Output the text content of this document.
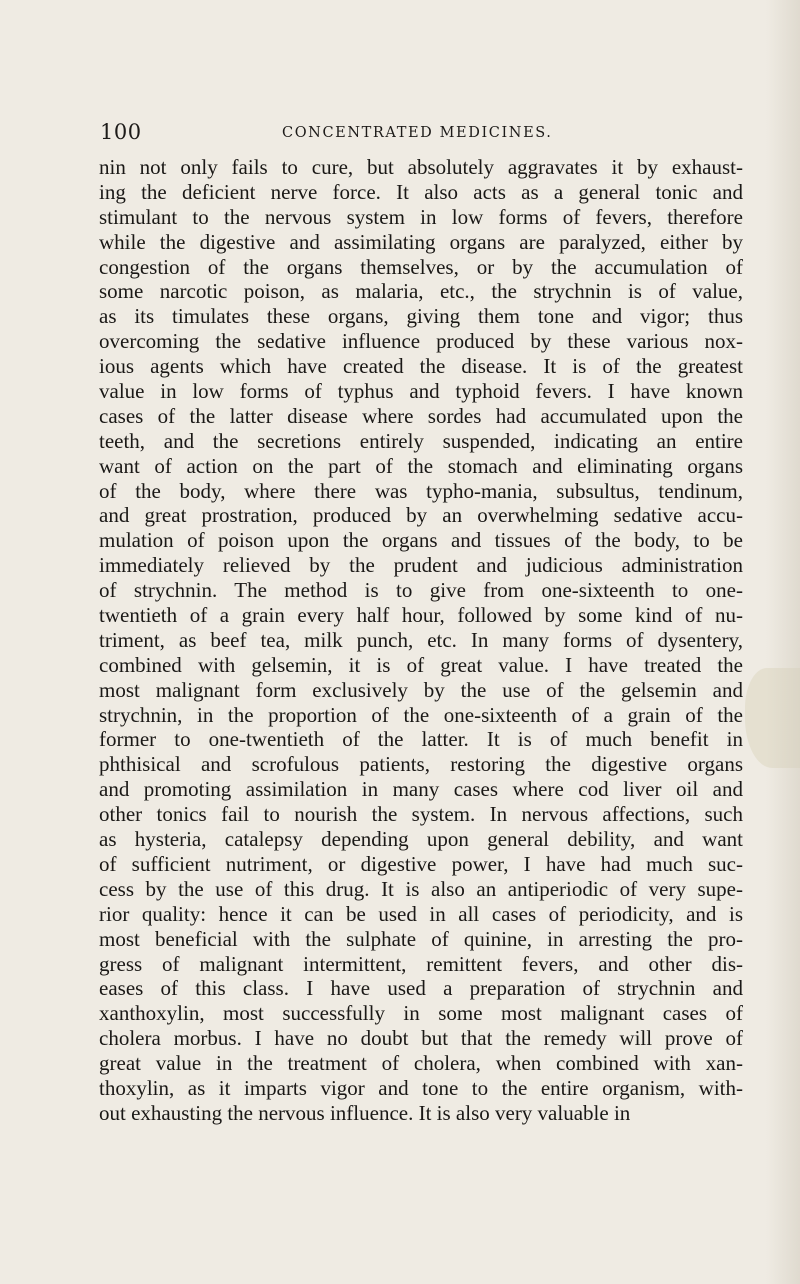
100	CONCENTRATED MEDICINES.
nin not only fails to cure, but absolutely aggravates it by exhaust-
ing the deficient nerve force. It also acts as a general tonic and
stimulant to the nervous system in low forms of fevers, therefore
while the digestive and assimilating organs are paralyzed, either by
congestion of the organs themselves, or by the accumulation of
some narcotic poison, as malaria, etc., the strychnin is of value,
as its timulates these organs, giving them tone and vigor; thus
overcoming the sedative influence produced by these various nox-
ious agents which have created the disease. It is of the greatest
value in low forms of typhus and typhoid fevers. I have known
cases of the latter disease where sordes had accumulated upon the
teeth, and the secretions entirely suspended, indicating an entire
want of action on the part of the stomach and eliminating organs
of the body, where there was typho-mania, subsultus, tendinum,
and great prostration, produced by an overwhelming sedative accu-
mulation of poison upon the organs and tissues of the body, to be
immediately relieved by the prudent and judicious administration
of strychnin. The method is to give from one-sixteenth to one-
twentieth of a grain every half hour, followed by some kind of nu-
triment, as beef tea, milk punch, etc. In many forms of dysentery,
combined with gelsemin, it is of great value. I have treated the
most malignant form exclusively by the use of the gelsemin and
strychnin, in the proportion of the one-sixteenth of a grain of the
former to one-twentieth of the latter. It is of much benefit in
phthisical and scrofulous patients, restoring the digestive organs
and promoting assimilation in many cases where cod liver oil and
other tonics fail to nourish the system. In nervous affections, such
as hysteria, catalepsy depending upon general debility, and want
of sufficient nutriment, or digestive power, I have had much suc-
cess by the use of this drug. It is also an antiperiodic of very supe-
rior quality: hence it can be used in all cases of periodicity, and is
most beneficial with the sulphate of quinine, in arresting the pro-
gress of malignant intermittent, remittent fevers, and other dis-
eases of this class. I have used a preparation of strychnin and
xanthoxylin, most successfully in some most malignant cases of
cholera morbus. I have no doubt but that the remedy will prove of
great value in the treatment of cholera, when combined with xan-
thoxylin, as it imparts vigor and tone to the entire organism, with-
out exhausting the nervous influence. It is also very valuable in
